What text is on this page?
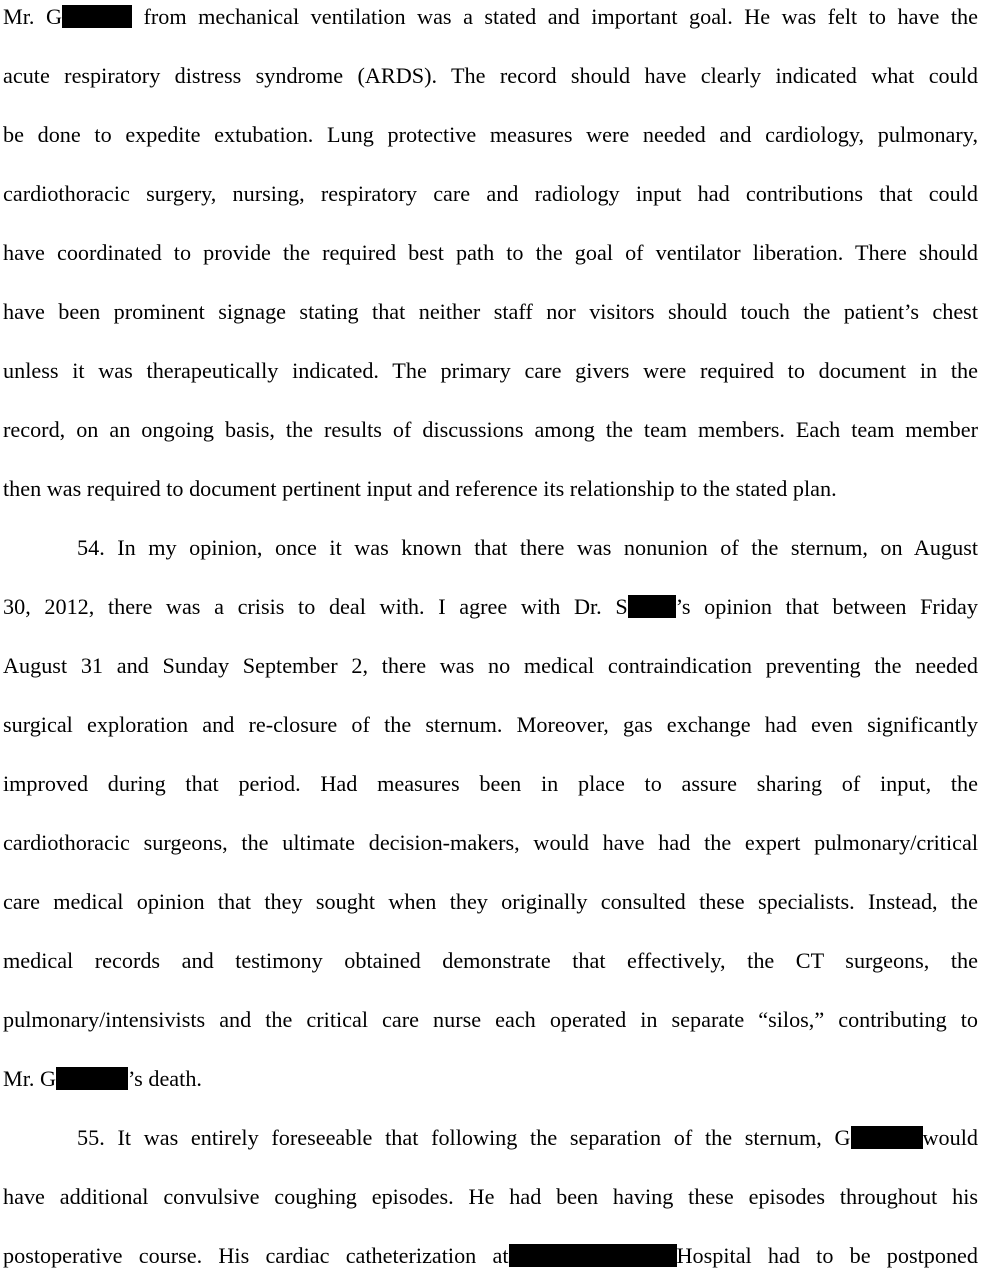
Mr. G	from mechanical ventilation was a stated and important goal. He was felt to have the
acute respiratory distress syndrome (ARDS). The record should have clearly indicated what could
be done to expedite extubation. Lung protective measures were needed and cardiology, pulmonary,
cardiothoracic surgery, nursing, respiratory care and radiology input had contributions that could
have coordinated to provide the required best path to the goal of ventilator liberation. There should
have been prominent signage stating that neither staff nor visitors should touch the patient’s chest
unless it was therapeutically indicated. The primary care givers were required to document in the
record, on an ongoing basis, the results of discussions among the team members. Each team member
then was required to document pertinent input and reference its relationship to the stated plan.
54. In my opinion, once it was known that there was nonunion of the sternum, on August
30, 2012, there was a crisis to deal with. I agree with Dr. S ’s opinion that between Friday
August 31 and Sunday September 2, there was no medical contraindication preventing the needed
surgical exploration and re-closure of the sternum. Moreover, gas exchange had even significantly
improved during that period. Had measures been in place to assure sharing of input, the
cardiothoracic surgeons, the ultimate decision-makers, would have had the expert pulmonary/critical
care medical opinion that they sought when they originally consulted these specialists. Instead, the
medical records and testimony obtained demonstrate that effectively, the CT surgeons, the
pulmonary/intensivists and the critical care nurse each operated in separate “silos,” contributing to
Mr. G	’s death.
55. It was entirely foreseeable that following the separation of the sternum, G	would
have additional convulsive coughing episodes. He had been having these episodes throughout his
postoperative course. His cardiac catheterization at	Hospital had to be postponed
